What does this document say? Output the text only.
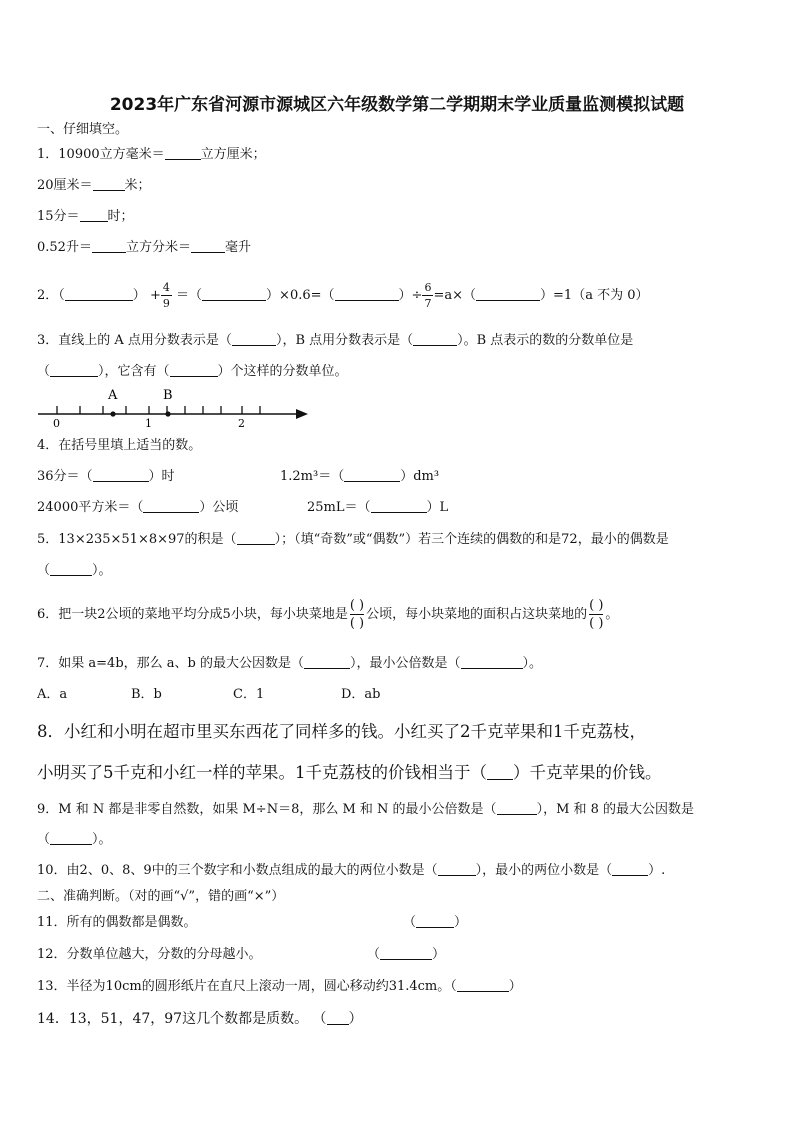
2023年广东省河源市源城区六年级数学第二学期期末学业质量监测模拟试题
一、仔细填空。
1．10900立方毫米＝	立方厘米；
20厘米＝ 米；
15分＝ 时；
0.52升＝	立方分米＝	毫升
2．（	） + $\frac{4}{9}$ ＝（	）×0.6=（	）÷ $\frac{6}{7} =a\times$（	）=1（a 不为 0）
3．直线上的 A 点用分数表示是（	），B 点用分数表示是（	）。B 点表示的数的分数单位是
（	），它含有（	）个这样的分数单位。
A	B
0	1	2
4．在括号里填上适当的数。
36分＝（	）时	1.2m³＝（	）dm³
24000平方米＝（	）公顷	25mL＝（	）L
5．13×235×51×8×97的积是（	）；（填“奇数”或“偶数”）若三个连续的偶数的和是72，最小的偶数是
（	）。
6．把一块2公顷的菜地平均分成5小块，每小块菜地是 $\frac{( )}{( )}$ 公顷，每小块菜地的面积占这块菜地的 $\frac{( )}{( )}$ 。
7．如果 a=4b，那么 a、b 的最大公因数是（	），最小公倍数是（	）。
A．a	B．b	C．1	D．ab
8．小红和小明在超市里买东西花了同样多的钱。小红买了2千克苹果和1千克荔枝，
小明买了5千克和小红一样的苹果。1千克荔枝的价钱相当于（ ）千克苹果的价钱。
9．M 和 N 都是非零自然数，如果 M÷N＝8，那么 M 和 N 的最小公倍数是（	），M 和 8 的最大公因数是
（	）。
10．由2、0、8、9中的三个数字和小数点组成的最大的两位小数是（	），最小的两位小数是（	）.
二、准确判断。（对的画“√”，错的画“×”）
11．所有的偶数都是偶数。	（	）
12．分数单位越大，分数的分母越小。	（	）
13．半径为10cm的圆形纸片在直尺上滚动一周，圆心移动约31.4cm。（	）
14．13，51，47，97这几个数都是质数。 （ ）
